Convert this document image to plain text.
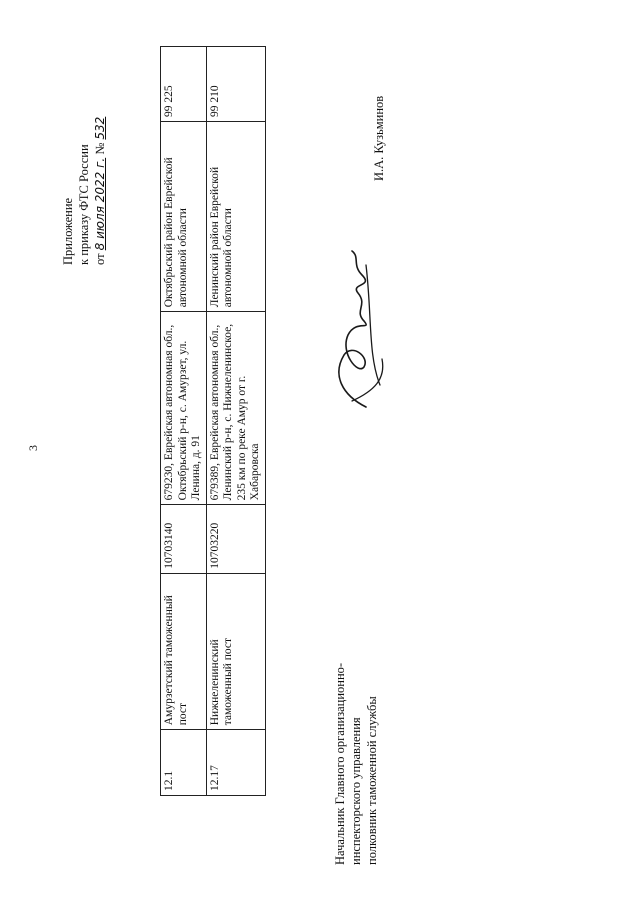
3
Приложение к приказу ФТС России от 8 июля 2022 г. № 532
12.1	Амурзетский таможенный пост	10703140	679230, Еврейская автономная обл., Октябрьский р-н, с. Амурзет, ул. Ленина, д. 91	Октябрьский район Еврейской автономной области	99 225
12.17	Нижнеленинский таможенный пост	10703220	679389, Еврейская автономная обл., Ленинский р-н, с. Нижнеленинское, 235 км по реке Амур от г. Хабаровска	Ленинский район Еврейской автономной области	99 210
Начальник Главного организационно- инспекторского управления полковник таможенной службы
И.А. Кузьминов
